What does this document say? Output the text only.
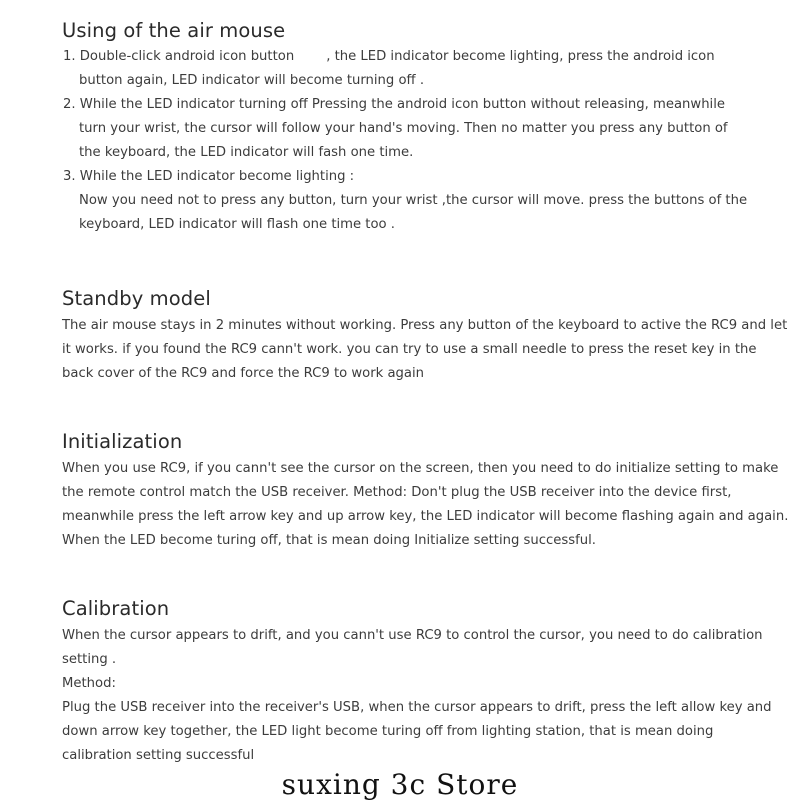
Using of the air mouse

1. Double-click android icon button , the LED indicator become lighting, press the android icon

button again, LED indicator will become turning off .

2. While the LED indicator turning off Pressing the android icon button without releasing, meanwhile

turn your wrist, the cursor will follow your hand's moving. Then no matter you press any button of

the keyboard, the LED indicator will fash one time.

3. While the LED indicator become lighting :

Now you need not to press any button, turn your wrist ,the cursor will move. press the buttons of the

keyboard, LED indicator will flash one time too .

Standby model

The air mouse stays in 2 minutes without working. Press any button of the keyboard to active the RC9 and let

it works. if you found the RC9 cann't work. you can try to use a small needle to press the reset key in the

back cover of the RC9 and force the RC9 to work again

Initialization

When you use RC9, if you cann't see the cursor on the screen, then you need to do initialize setting to make

the remote control match the USB receiver. Method: Don't plug the USB receiver into the device first,

meanwhile press the left arrow key and up arrow key, the LED indicator will become flashing again and again.

When the LED become turing off, that is mean doing Initialize setting successful.

Calibration

When the cursor appears to drift, and you cann't use RC9 to control the cursor, you need to do calibration

setting .

Method:

Plug the USB receiver into the receiver's USB, when the cursor appears to drift, press the left allow key and

down arrow key together, the LED light become turing off from lighting station, that is mean doing

calibration setting successful

suxing 3c Store
